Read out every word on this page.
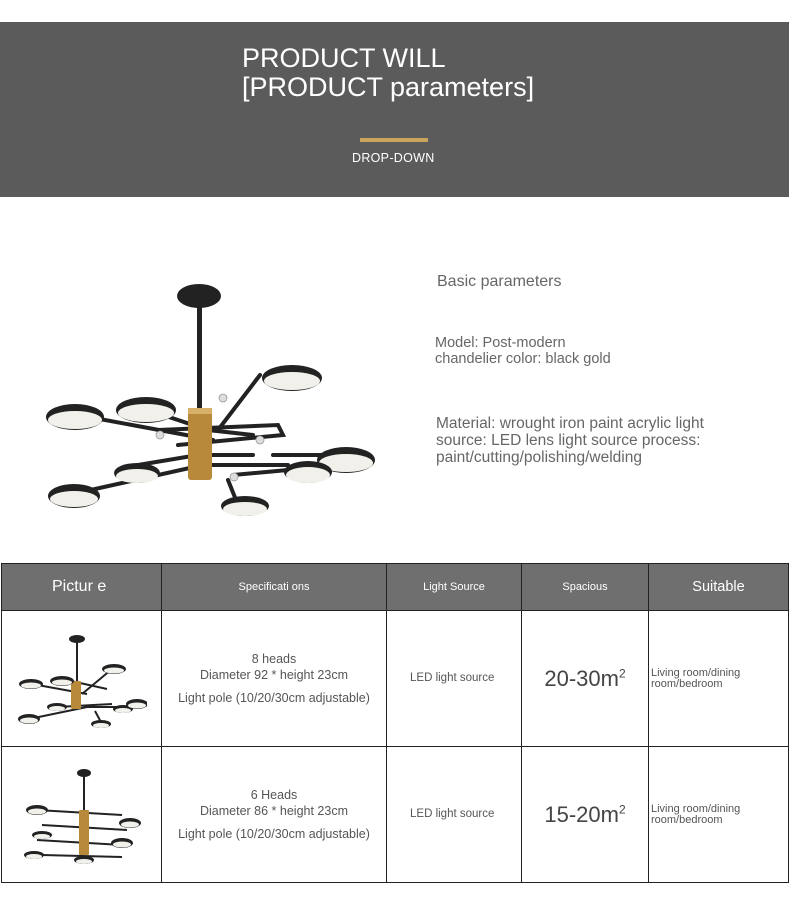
PRODUCT WILL [PRODUCT parameters]
DROP-DOWN
Basic parameters
Model: Post-modern chandelier color: black gold
Material: wrought iron paint acrylic light source: LED lens light source process: paint/cutting/polishing/welding
Pictur e	Specificati ons	Light Source	Spacious	Suitable

8 heads
Diameter 92 * height 23cm
Light pole (10/20/30cm adjustable)	LED light source	$20-30m^2$	Living room/dining room/bedroom

6 Heads
Diameter 86 * height 23cm
Light pole (10/20/30cm adjustable)	LED light source	$15-20m^2$	Living room/dining room/bedroom
